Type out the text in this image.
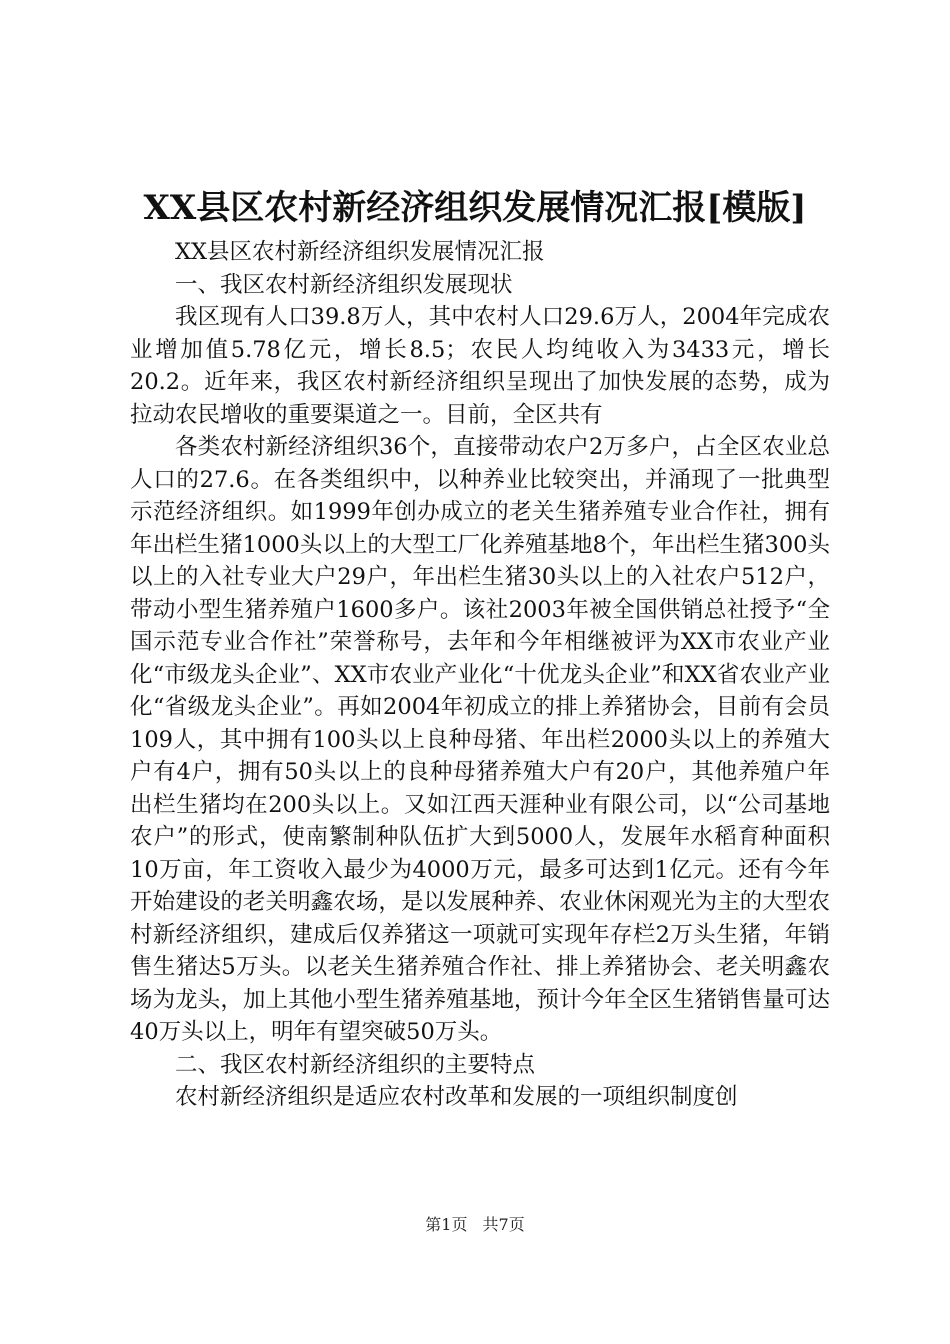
XX县区农村新经济组织发展情况汇报[模版]

XX县区农村新经济组织发展情况汇报

一、我区农村新经济组织发展现状

我区现有人口39.8万人，其中农村人口29.6万人，2004年完成农业增加值5.78亿元，增长8.5；农民人均纯收入为3433元，增长20.2。近年来，我区农村新经济组织呈现出了加快发展的态势，成为拉动农民增收的重要渠道之一。目前，全区共有

各类农村新经济组织36个，直接带动农户2万多户，占全区农业总人口的27.6。在各类组织中，以种养业比较突出，并涌现了一批典型示范经济组织。如1999年创办成立的老关生猪养殖专业合作社，拥有年出栏生猪1000头以上的大型工厂化养殖基地8个，年出栏生猪300头以上的入社专业大户29户，年出栏生猪30头以上的入社农户512户，带动小型生猪养殖户1600多户。该社2003年被全国供销总社授予“全国示范专业合作社”荣誉称号，去年和今年相继被评为XX市农业产业化“市级龙头企业”、XX市农业产业化“十优龙头企业”和XX省农业产业化“省级龙头企业”。再如2004年初成立的排上养猪协会，目前有会员109人，其中拥有100头以上良种母猪、年出栏2000头以上的养殖大户有4户，拥有50头以上的良种母猪养殖大户有20户，其他养殖户年出栏生猪均在200头以上。又如江西天涯种业有限公司，以“公司基地农户”的形式，使南繁制种队伍扩大到5000人，发展年水稻育种面积10万亩，年工资收入最少为4000万元，最多可达到1亿元。还有今年开始建设的老关明鑫农场，是以发展种养、农业休闲观光为主的大型农村新经济组织，建成后仅养猪这一项就可实现年存栏2万头生猪，年销售生猪达5万头。以老关生猪养殖合作社、排上养猪协会、老关明鑫农场为龙头，加上其他小型生猪养殖基地，预计今年全区生猪销售量可达40万头以上，明年有望突破50万头。

二、我区农村新经济组织的主要特点

农村新经济组织是适应农村改革和发展的一项组织制度创

第1页 共7页
